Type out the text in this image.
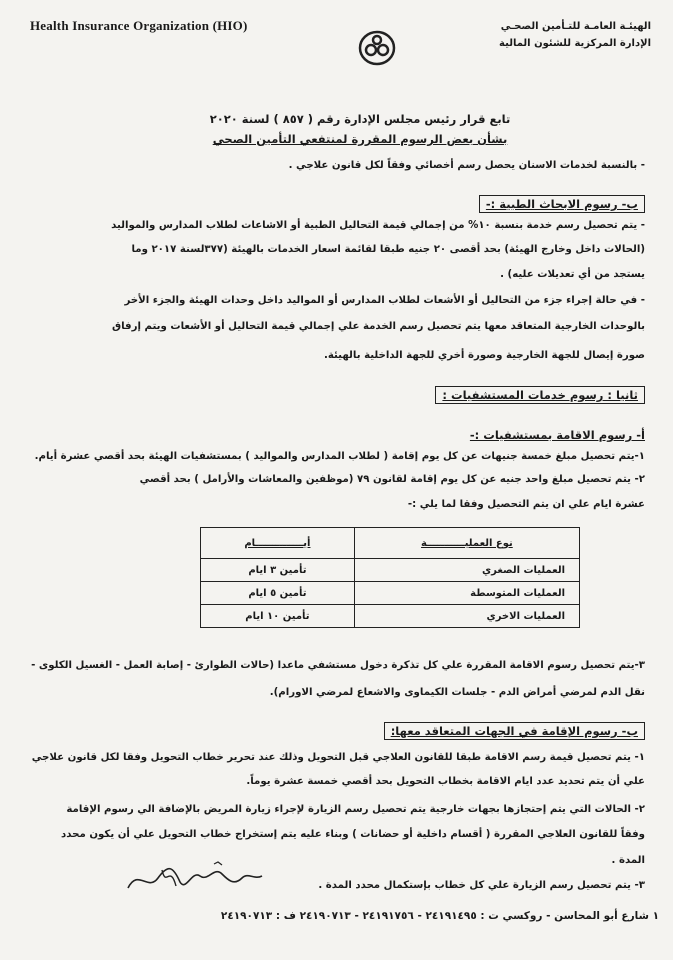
Health Insurance Organization (HIO)	الهيئـة العامـة للتـأمين الصحـي
الإدارة المركزية للشئون المالية
تابع قرار رئيس مجلس الإدارة رقم ( ٨٥٧ ) لسنة ٢٠٢٠
بشأن بعض الرسوم المقررة لمنتفعي التأمين الصحي
- بالنسبة لخدمات الاسنان يحصل رسم أخصائي وفقاً لكل قانون علاجي .
ب- رسوم الابحاث الطبية :-
- يتم تحصيل رسم خدمة بنسبة ١٠% من إجمالي قيمة التحاليل الطبية أو الاشاعات لطلاب المدارس والمواليد
(الحالات داخل وخارج الهيئة) بحد أقصى ٢٠ جنيه طبقا لقائمة اسعار الخدمات بالهيئة (٣٧٧لسنة ٢٠١٧ وما
يستجد من أي تعديلات عليه) .
- في حالة إجراء جزء من التحاليل أو الأشعات لطلاب المدارس أو المواليد داخل وحدات الهيئة والجزء الأخر
بالوحدات الخارجية المتعاقد معها يتم تحصيل رسم الخدمة علي إجمالي قيمة التحاليل أو الأشعات ويتم إرفاق
صورة إيصال للجهة الخارجية وصورة أخري للجهة الداخلية بالهيئة.
ثانيا : رسوم خدمات المستشفيات :
أ- رسوم الاقامة بمستشفيات :-
١-يتم تحصيل مبلغ خمسة جنيهات عن كل يوم إقامة ( لطلاب المدارس والمواليد ) بمستشفيات الهيئة بحد أقصي عشرة أيام.
٢- يتم تحصيل مبلغ واحد جنيه عن كل يوم إقامة لقانون ٧٩ (موظفين والمعاشات والأرامل ) بحد أقصي
عشرة ايام علي ان يتم التحصيل وفقا لما يلي :-
نوع العمليـــــــــــة	أيــــــــــــــام
العمليات الصغري	تأمين ٣ ايام
العمليات المتوسطة	تأمين ٥ ايام
العمليات الاخري	تأمين ١٠ ايام
٣-يتم تحصيل رسوم الاقامة المقررة علي كل تذكرة دخول مستشفي ماعدا (حالات الطوارئ - إصابة العمل - الغسيل الكلوى -
نقل الدم لمرضي أمراض الدم - جلسات الكيماوى والاشعاع لمرضي الاورام).
ب- رسوم الإقامة في الجهات المتعاقد معها:
١- يتم تحصيل قيمة رسم الاقامة طبقا للقانون العلاجي قبل التحويل وذلك عند تحرير خطاب التحويل وفقا لكل قانون علاجي
علي أن يتم تحديد عدد ايام الاقامة بخطاب التحويل بحد أقصي خمسة عشرة يوماً.
٢- الحالات التي يتم إحتجازها بجهات خارجية يتم تحصيل رسم الزيارة لإجراء زيارة المريض بالإضافة الي رسوم الإقامة
وفقاً للقانون العلاجي المقررة ( أقسام داخلية أو حضانات ) وبناء عليه يتم إستخراج خطاب التحويل علي أن يكون محدد
المدة .
٣- يتم تحصيل رسم الزيارة علي كل خطاب بإستكمال محدد المدة .
١ شارع أبو المحاسن - روكسي ت : ٢٤١٩١٤٩٥ - ٢٤١٩١٧٥٦ - ٢٤١٩٠٧١٣ ف : ٢٤١٩٠٧١٣
